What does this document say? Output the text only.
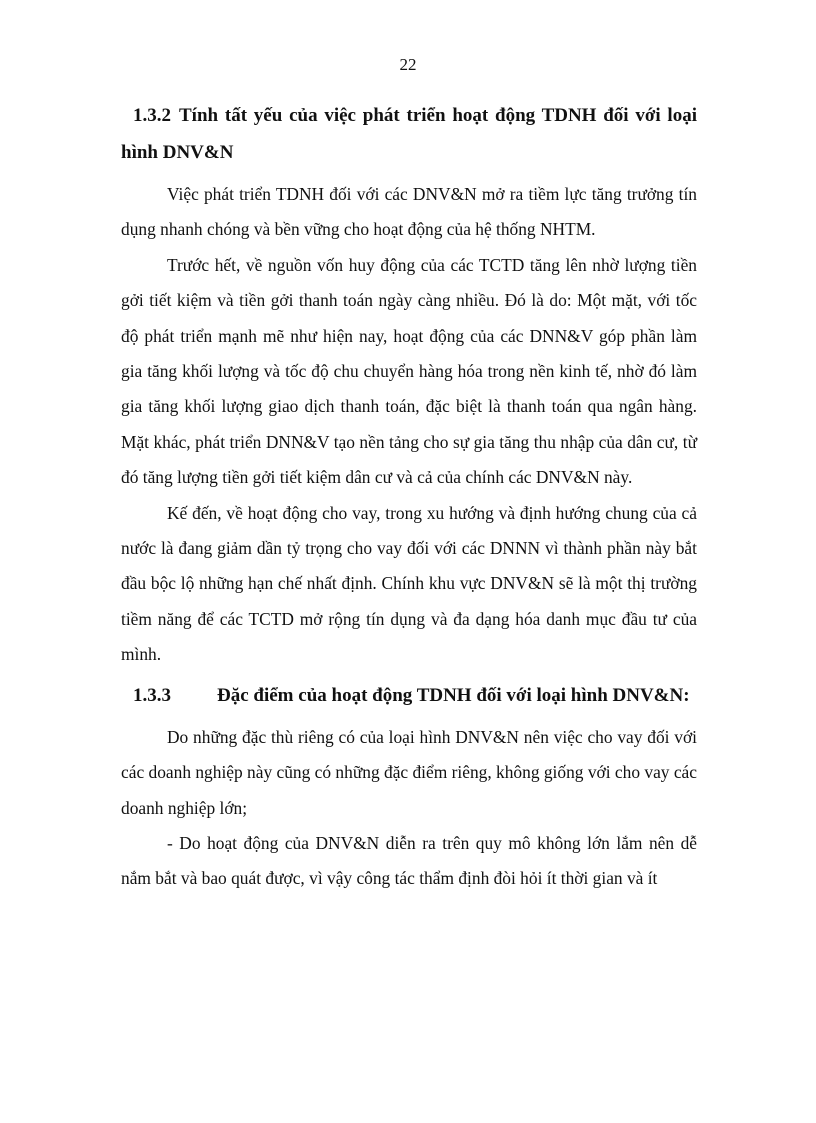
22
1.3.2 Tính tất yếu của việc phát triển hoạt động TDNH đối với loại hình DNV&N

Việc phát triển TDNH đối với các DNV&N mở ra tiềm lực tăng trưởng tín dụng nhanh chóng và bền vững cho hoạt động của hệ thống NHTM.

Trước hết, về nguồn vốn huy động của các TCTD tăng lên nhờ lượng tiền gởi tiết kiệm và tiền gởi thanh toán ngày càng nhiều. Đó là do: Một mặt, với tốc độ phát triển mạnh mẽ như hiện nay, hoạt động của các DNN&V góp phần làm gia tăng khối lượng và tốc độ chu chuyển hàng hóa trong nền kinh tế, nhờ đó làm gia tăng khối lượng giao dịch thanh toán, đặc biệt là thanh toán qua ngân hàng. Mặt khác, phát triển DNN&V tạo nền tảng cho sự gia tăng thu nhập của dân cư, từ đó tăng lượng tiền gởi tiết kiệm dân cư và cả của chính các DNV&N này.

Kế đến, về hoạt động cho vay, trong xu hướng và định hướng chung của cả nước là đang giảm dần tỷ trọng cho vay đối với các DNNN vì thành phần này bắt đầu bộc lộ những hạn chế nhất định. Chính khu vực DNV&N sẽ là một thị trường tiềm năng để các TCTD mở rộng tín dụng và đa dạng hóa danh mục đầu tư của mình.

1.3.3 Đặc điểm của hoạt động TDNH đối với loại hình DNV&N:

Do những đặc thù riêng có của loại hình DNV&N nên việc cho vay đối với các doanh nghiệp này cũng có những đặc điểm riêng, không giống với cho vay các doanh nghiệp lớn;

- Do hoạt động của DNV&N diễn ra trên quy mô không lớn lắm nên dễ nắm bắt và bao quát được, vì vậy công tác thẩm định đòi hỏi ít thời gian và ít
